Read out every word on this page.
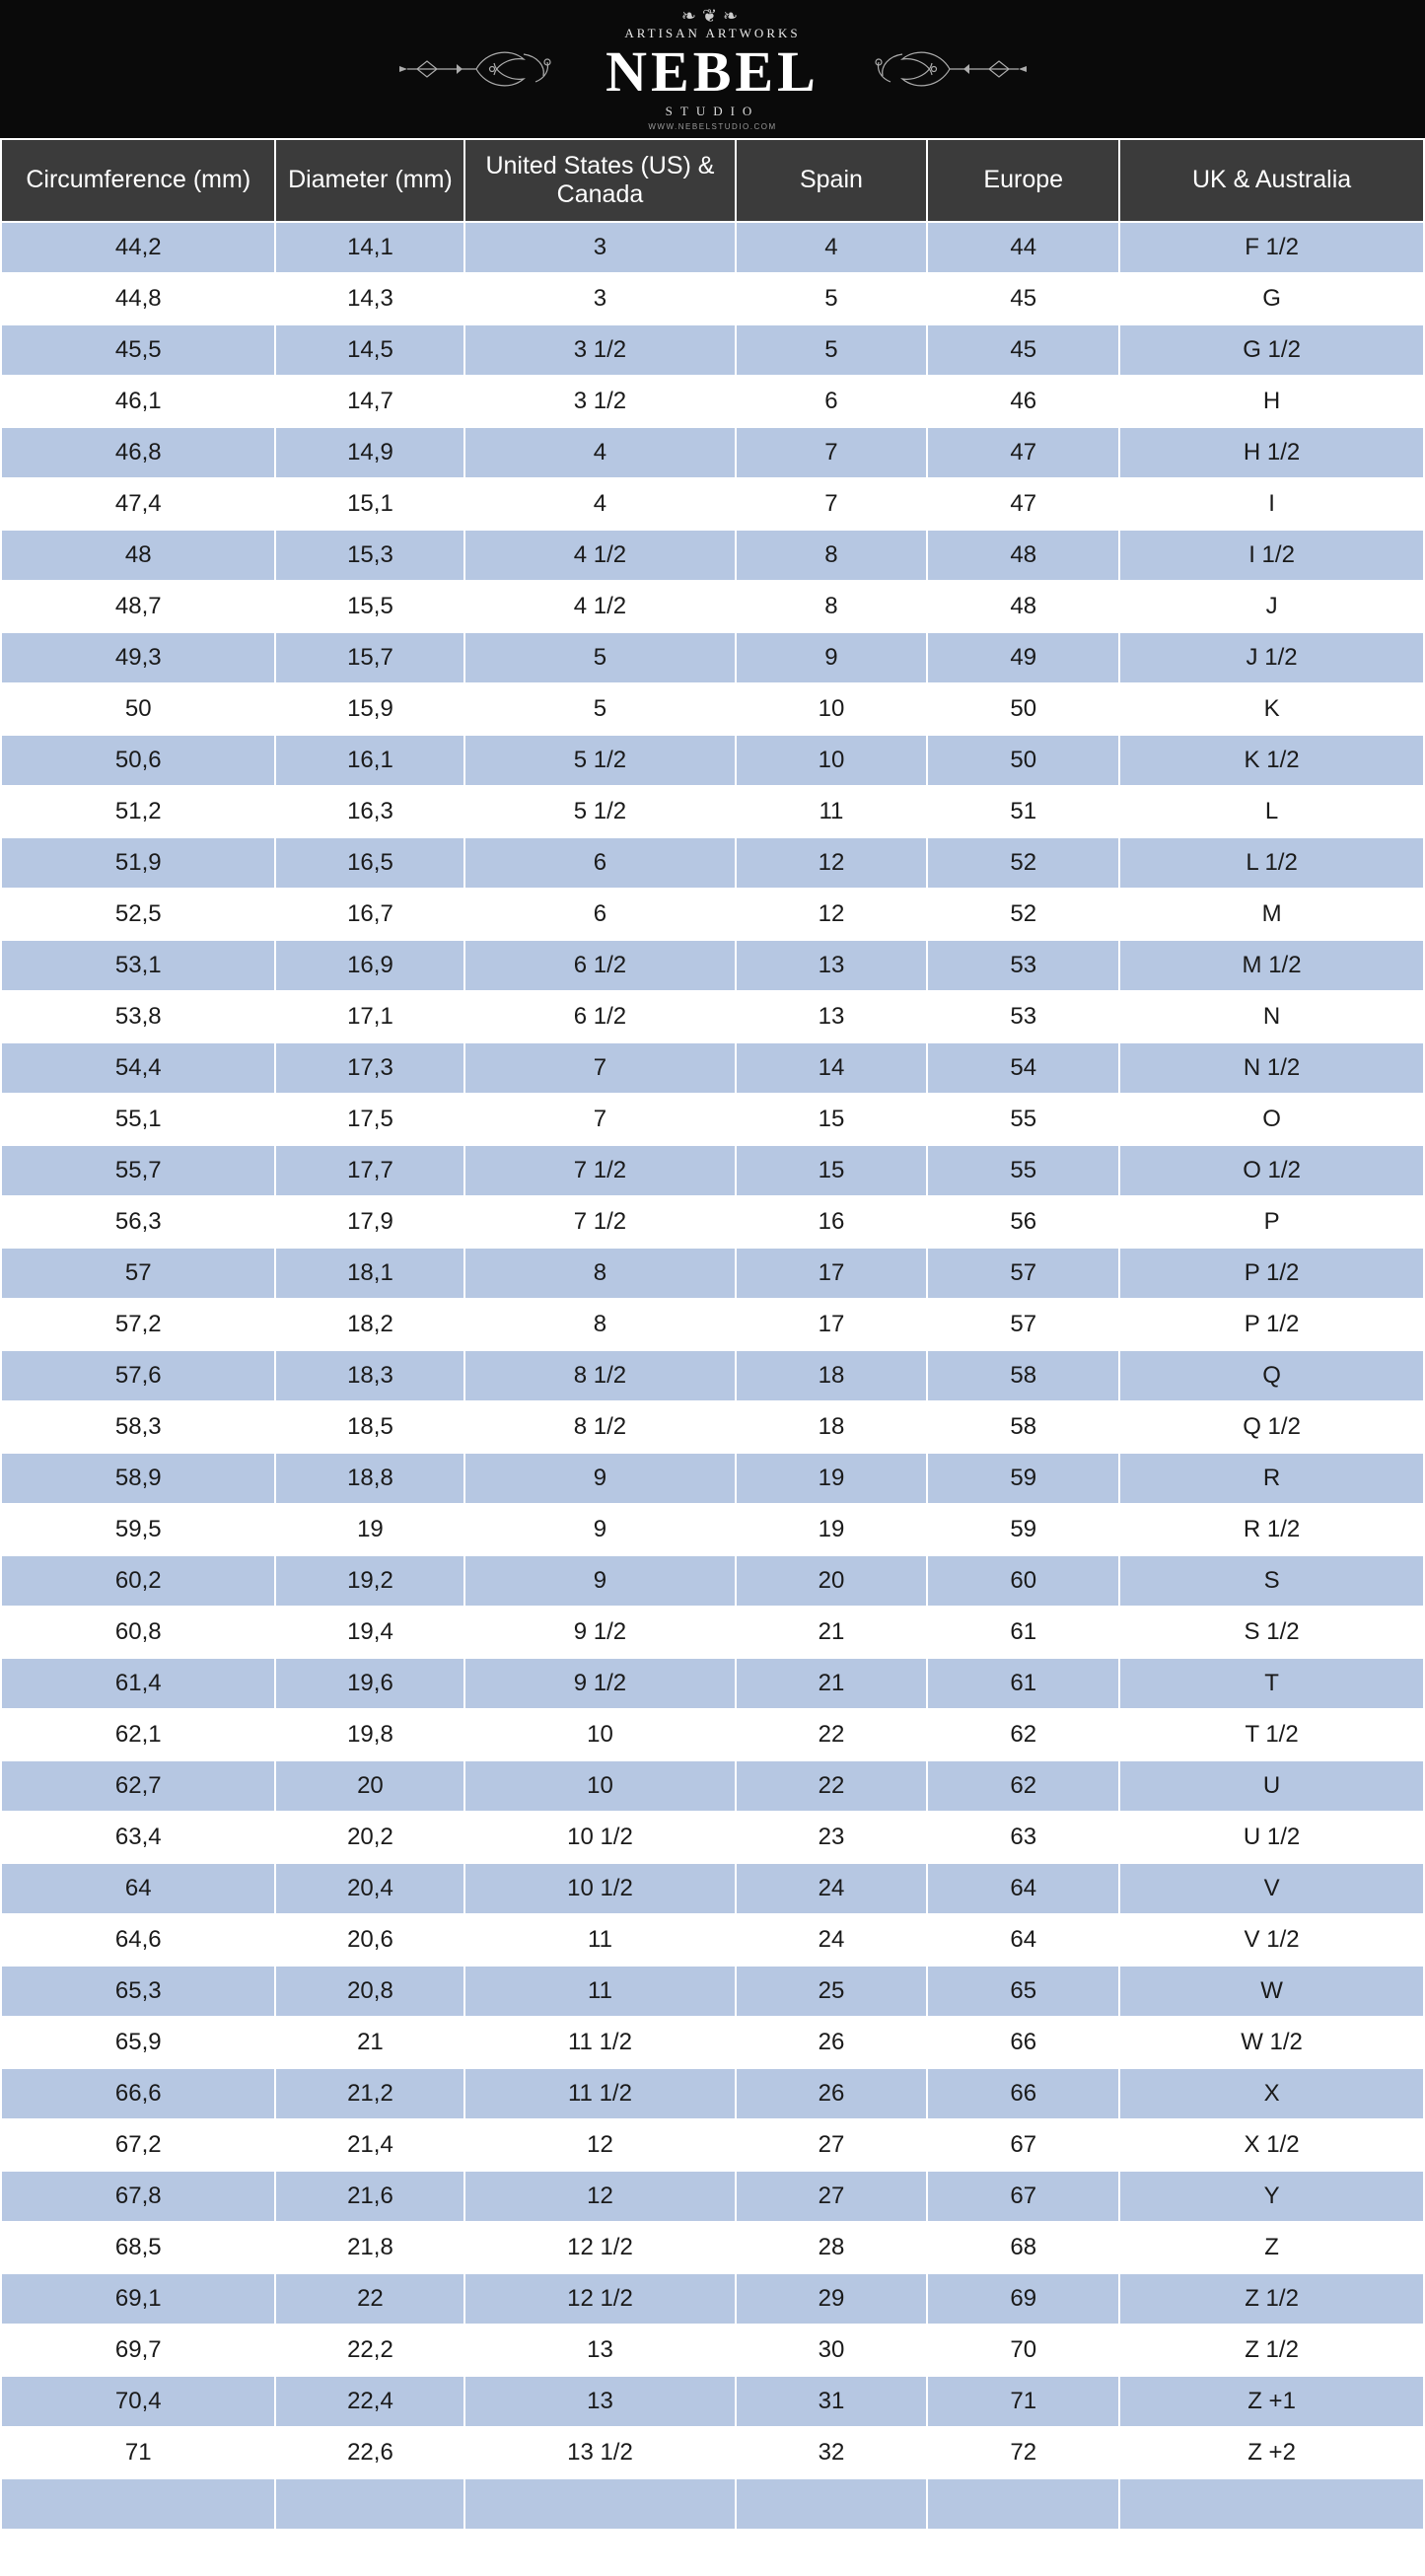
❧❦❧
ARTISAN ARTWORKS
NEBEL
STUDIO
WWW.NEBELSTUDIO.COM
Circumference (mm)	Diameter (mm)	United States (US) & Canada	Spain	Europe	UK & Australia
44,2	14,1	3	4	44	F 1/2
44,8	14,3	3	5	45	G
45,5	14,5	3 1/2	5	45	G 1/2
46,1	14,7	3 1/2	6	46	H
46,8	14,9	4	7	47	H 1/2
47,4	15,1	4	7	47	I
48	15,3	4 1/2	8	48	I 1/2
48,7	15,5	4 1/2	8	48	J
49,3	15,7	5	9	49	J 1/2
50	15,9	5	10	50	K
50,6	16,1	5 1/2	10	50	K 1/2
51,2	16,3	5 1/2	11	51	L
51,9	16,5	6	12	52	L 1/2
52,5	16,7	6	12	52	M
53,1	16,9	6 1/2	13	53	M 1/2
53,8	17,1	6 1/2	13	53	N
54,4	17,3	7	14	54	N 1/2
55,1	17,5	7	15	55	O
55,7	17,7	7 1/2	15	55	O 1/2
56,3	17,9	7 1/2	16	56	P
57	18,1	8	17	57	P 1/2
57,2	18,2	8	17	57	P 1/2
57,6	18,3	8 1/2	18	58	Q
58,3	18,5	8 1/2	18	58	Q 1/2
58,9	18,8	9	19	59	R
59,5	19	9	19	59	R 1/2
60,2	19,2	9	20	60	S
60,8	19,4	9 1/2	21	61	S 1/2
61,4	19,6	9 1/2	21	61	T
62,1	19,8	10	22	62	T 1/2
62,7	20	10	22	62	U
63,4	20,2	10 1/2	23	63	U 1/2
64	20,4	10 1/2	24	64	V
64,6	20,6	11	24	64	V 1/2
65,3	20,8	11	25	65	W
65,9	21	11 1/2	26	66	W 1/2
66,6	21,2	11 1/2	26	66	X
67,2	21,4	12	27	67	X 1/2
67,8	21,6	12	27	67	Y
68,5	21,8	12 1/2	28	68	Z
69,1	22	12 1/2	29	69	Z 1/2
69,7	22,2	13	30	70	Z 1/2
70,4	22,4	13	31	71	Z +1
71	22,6	13 1/2	32	72	Z +2
